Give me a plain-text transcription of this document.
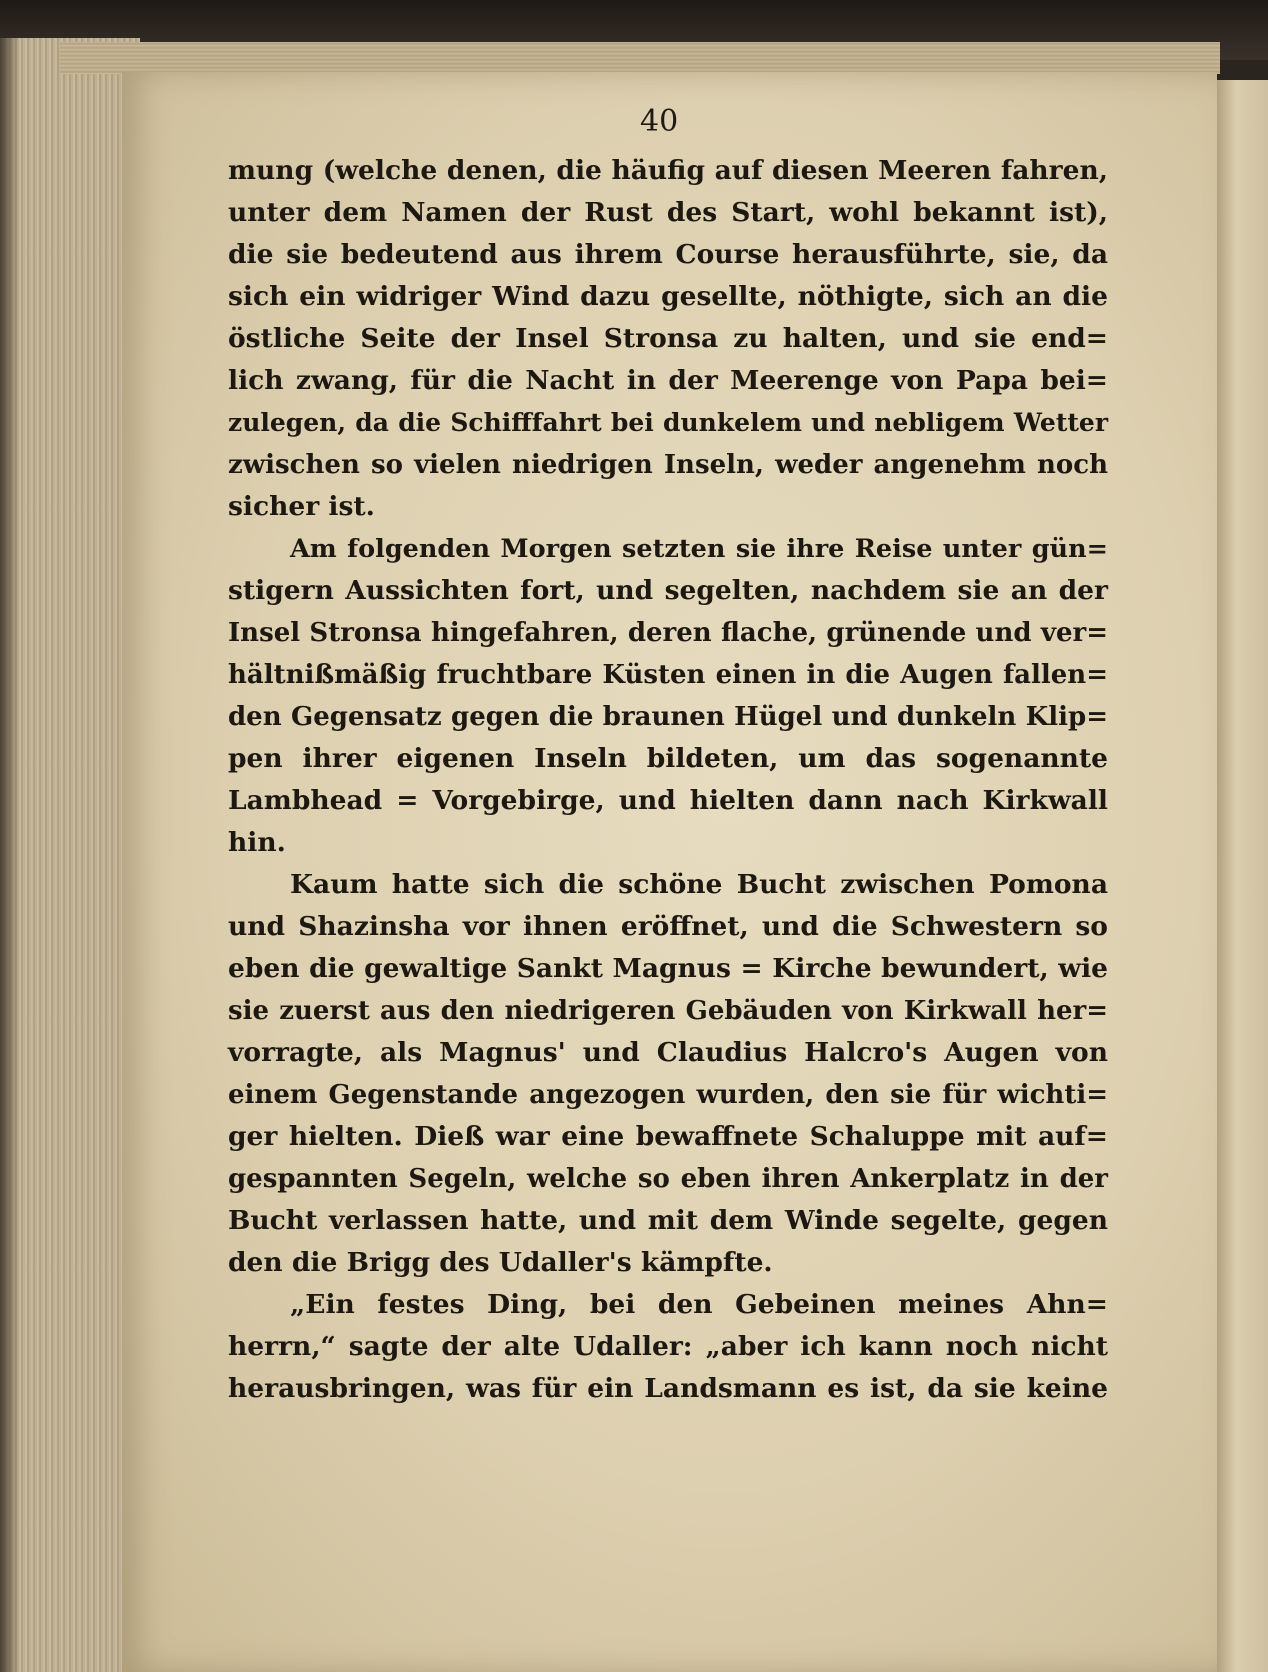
40
mung (welche denen, die häufig auf diesen Meeren fahren,
unter dem Namen der Rust des Start, wohl bekannt ist),
die sie bedeutend aus ihrem Course herausführte, sie, da
sich ein widriger Wind dazu gesellte, nöthigte, sich an die
östliche Seite der Insel Stronsa zu halten, und sie end=
lich zwang, für die Nacht in der Meerenge von Papa bei=
zulegen, da die Schifffahrt bei dunkelem und nebligem Wetter
zwischen so vielen niedrigen Inseln, weder angenehm noch
sicher ist.
Am folgenden Morgen setzten sie ihre Reise unter gün=
stigern Aussichten fort, und segelten, nachdem sie an der
Insel Stronsa hingefahren, deren flache, grünende und ver=
hältnißmäßig fruchtbare Küsten einen in die Augen fallen=
den Gegensatz gegen die braunen Hügel und dunkeln Klip=
pen ihrer eigenen Inseln bildeten, um das sogenannte
Lambhead = Vorgebirge, und hielten dann nach Kirkwall
hin.
Kaum hatte sich die schöne Bucht zwischen Pomona
und Shazinsha vor ihnen eröffnet, und die Schwestern so
eben die gewaltige Sankt Magnus = Kirche bewundert, wie
sie zuerst aus den niedrigeren Gebäuden von Kirkwall her=
vorragte, als Magnus' und Claudius Halcro's Augen von
einem Gegenstande angezogen wurden, den sie für wichti=
ger hielten. Dieß war eine bewaffnete Schaluppe mit auf=
gespannten Segeln, welche so eben ihren Ankerplatz in der
Bucht verlassen hatte, und mit dem Winde segelte, gegen
den die Brigg des Udaller's kämpfte.
„Ein festes Ding, bei den Gebeinen meines Ahn=
herrn,“ sagte der alte Udaller: „aber ich kann noch nicht
herausbringen, was für ein Landsmann es ist, da sie keine
